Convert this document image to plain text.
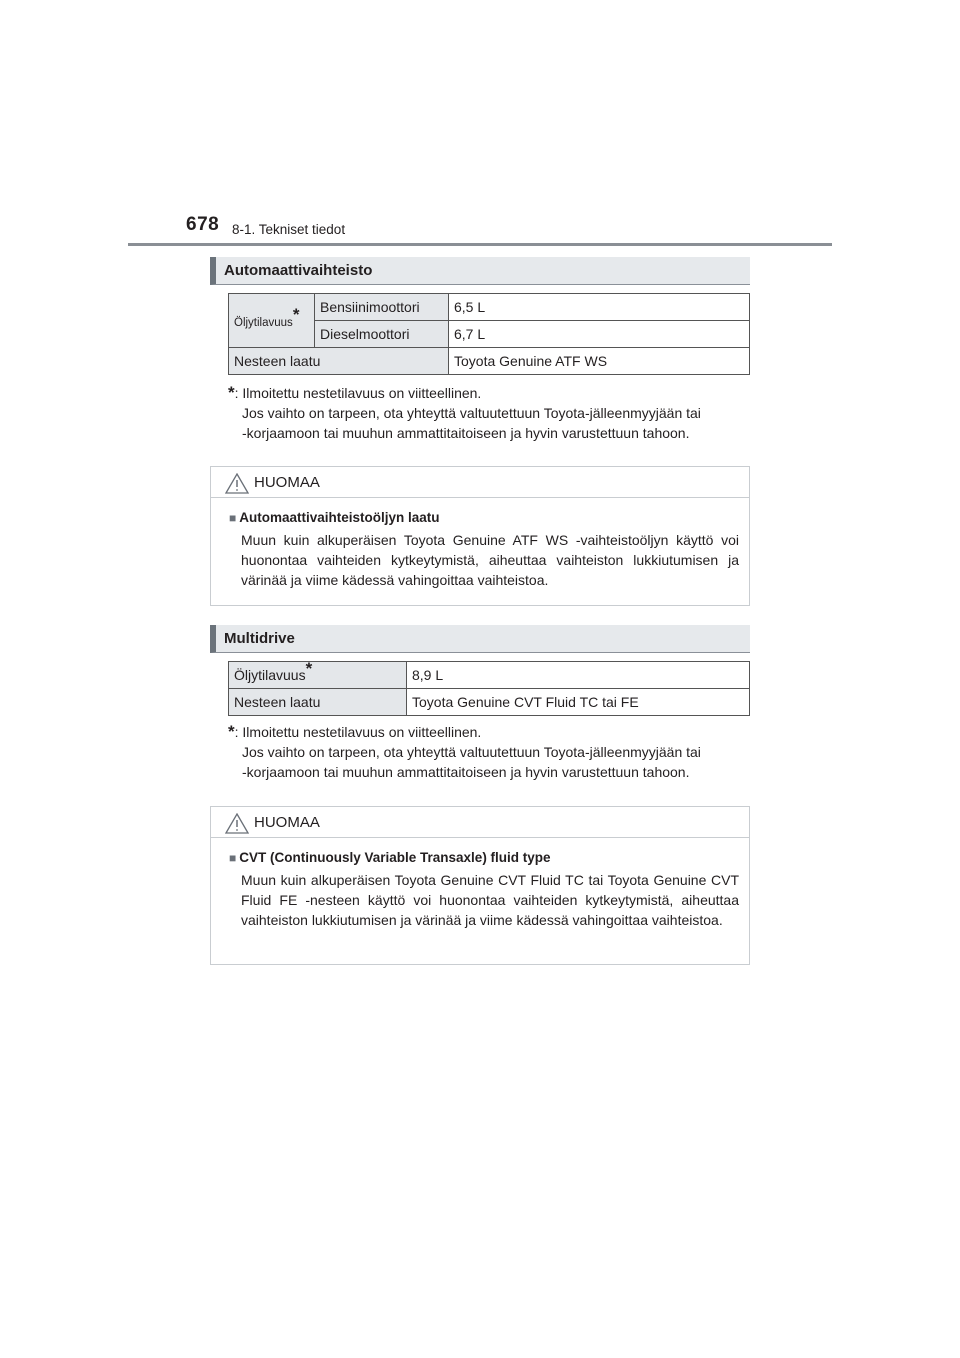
678 8-1. Tekniset tiedot
Automaattivaihteisto
Öljytilavuus*	Bensiinimoottori	6,5 L
	Dieselmoottori	6,7 L
Nesteen laatu		Toyota Genuine ATF WS
*: Ilmoitettu nestetilavuus on viitteellinen.
Jos vaihto on tarpeen, ota yhteyttä valtuutettuun Toyota-jälleenmyyjään tai
-korjaamoon tai muuhun ammattitaitoiseen ja hyvin varustettuun tahoon.
HUOMAA

■ Automaattivaihteistoöljyn laatu

Muun kuin alkuperäisen Toyota Genuine ATF WS -vaihteistoöljyn käyttö voi huonontaa vaihteiden kytkeytymistä, aiheuttaa vaihteiston lukkiutumisen ja värinää ja viime kädessä vahingoittaa vaihteistoa.

Multidrive
Öljytilavuus*	8,9 L
Nesteen laatu	Toyota Genuine CVT Fluid TC tai FE
*: Ilmoitettu nestetilavuus on viitteellinen.
Jos vaihto on tarpeen, ota yhteyttä valtuutettuun Toyota-jälleenmyyjään tai
-korjaamoon tai muuhun ammattitaitoiseen ja hyvin varustettuun tahoon.
HUOMAA

■ CVT (Continuously Variable Transaxle) fluid type

Muun kuin alkuperäisen Toyota Genuine CVT Fluid TC tai Toyota Genuine CVT Fluid FE -nesteen käyttö voi huonontaa vaihteiden kytkeytymistä, aiheuttaa vaihteiston lukkiutumisen ja värinää ja viime kädessä vahingoittaa vaihteistoa.
